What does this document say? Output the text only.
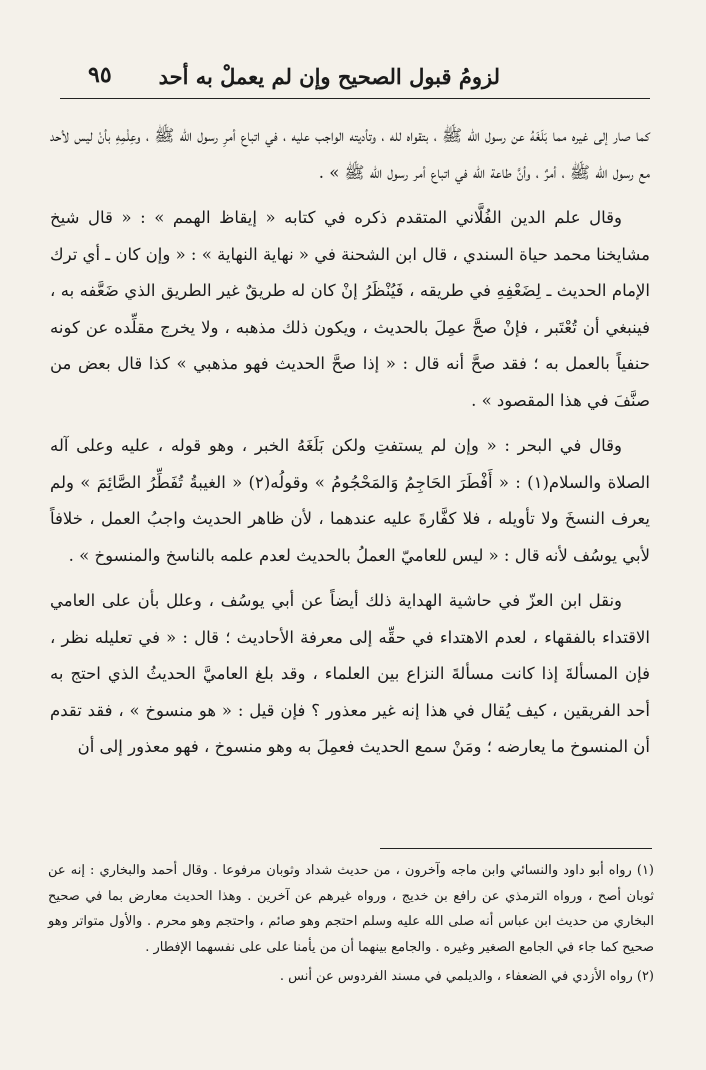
لزومُ قبول الصحيح وإن لم يعملْ به أحد
٩٥

كما صار إلى غيره مما بَلَغَهُ عن رسول الله ﷺ ، بتقواه لله ، وتأديته الواجب عليه ، في اتباع أمرِ رسول الله ﷺ ، وعِلْمِهِ بأنْ ليس لأحد مع رسول الله ﷺ ، أمرٌ ، وأنَّ طاعة الله في اتباع أمر رسول الله ﷺ » .

وقال علم الدين الفُلَّاني المتقدم ذكره في كتابه « إيقاظ الهمم » : « قال شيخ مشايخنا محمد حياة السندي ، قال ابن الشحنة في « نهاية النهاية » : « وإن كان ـ أي ترك الإمام الحديث ـ لِضَعْفِهِ في طريقه ، فَيُنْظَرُ إنْ كان له طريقٌ غير الطريق الذي ضَعَّفه به ، فينبغي أن تُعْتَبر ، فإنْ صحَّ عمِلَ بالحديث ، ويكون ذلك مذهبه ، ولا يخرج مقلِّده عن كونه حنفياً بالعمل به ؛ فقد صحَّ أنه قال : « إذا صحَّ الحديث فهو مذهبي » كذا قال بعض من صنَّفَ في هذا المقصود » .

وقال في البحر : « وإن لم يستفتِ ولكن بَلَغَهُ الخبر ، وهو قوله ، عليه وعلى آله الصلاة والسلام(١) : « أَفْطَرَ الحَاجِمُ وَالمَحْجُومُ » وقولُه(٢) « الغيبةُ تُفَطِّرُ الصَّائِمَ » ولم يعرف النسخَ ولا تأويله ، فلا كفَّارةَ عليه عندهما ، لأن ظاهر الحديث واجبُ العمل ، خلافاً لأبي يوسُف لأنه قال : « ليس للعاميّ العملُ بالحديث لعدم علمه بالناسخ والمنسوخ » .

ونقل ابن العزّ في حاشية الهداية ذلك أيضاً عن أبي يوسُف ، وعلل بأن على العامي الاقتداء بالفقهاء ، لعدم الاهتداء في حقِّه إلى معرفة الأحاديث ؛ قال : « في تعليله نظر ، فإن المسألةَ إذا كانت مسألةَ النزاع بين العلماء ، وقد بلغ العاميَّ الحديثُ الذي احتج به أحد الفريقين ، كيف يُقال في هذا إنه غير معذور ؟ فإن قيل : « هو منسوخ » ، فقد تقدم أن المنسوخ ما يعارضه ؛ ومَنْ سمع الحديث فعمِلَ به وهو منسوخ ، فهو معذور إلى أن

(١) رواه أبو داود والنسائي وابن ماجه وآخرون ، من حديث شداد وثوبان مرفوعا . وقال أحمد والبخاري : إنه عن ثوبان أصح ، ورواه الترمذي عن رافع بن خديج ، ورواه غيرهم عن آخرين . وهذا الحديث معارض بما في صحيح البخاري من حديث ابن عباس أنه صلى الله عليه وسلم احتجم وهو صائم ، واحتجم وهو محرم . والأول متواتر وهو صحيح كما جاء في الجامع الصغير وغيره . والجامع بينهما أن من يأمنا على على نفسهما الإفطار .

(٢) رواه الأزدي في الضعفاء ، والديلمي في مسند الفردوس عن أنس .
